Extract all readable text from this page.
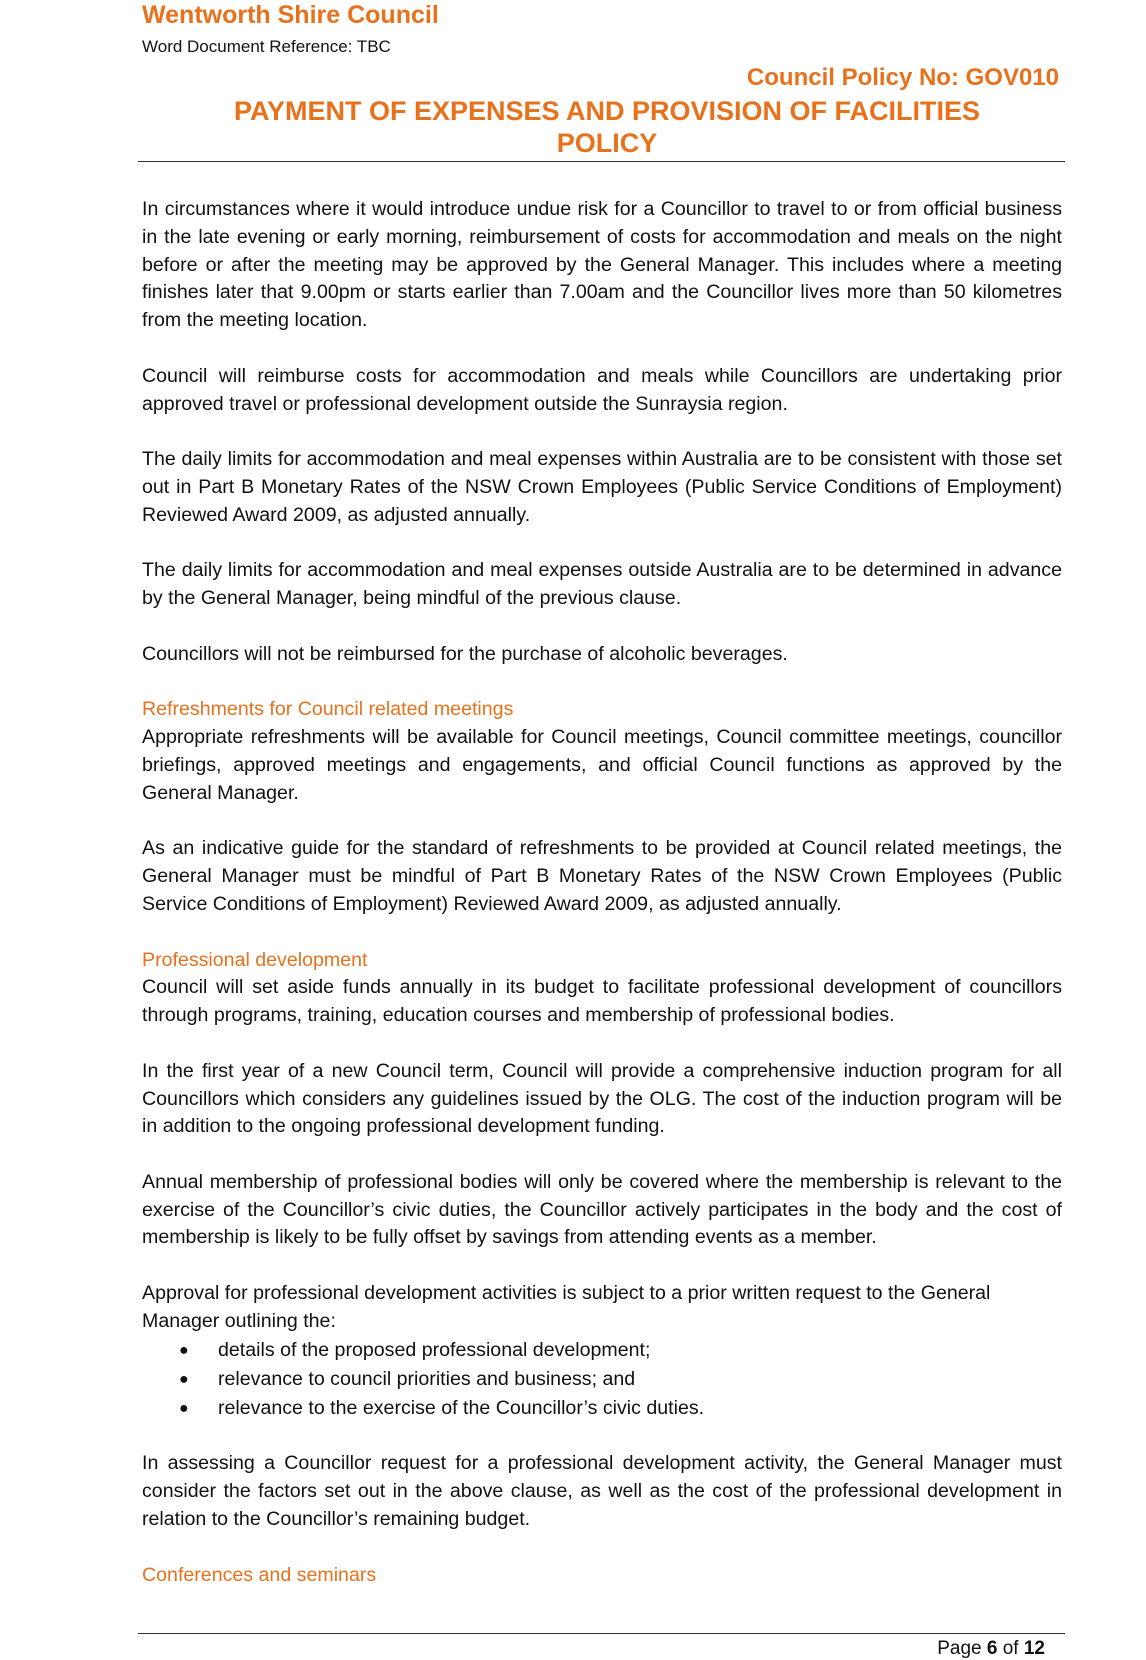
Wentworth Shire Council
Word Document Reference: TBC
Council Policy No: GOV010
PAYMENT OF EXPENSES AND PROVISION OF FACILITIES
POLICY

In circumstances where it would introduce undue risk for a Councillor to travel to or from official business in the late evening or early morning, reimbursement of costs for accommodation and meals on the night before or after the meeting may be approved by the General Manager. This includes where a meeting finishes later that 9.00pm or starts earlier than 7.00am and the Councillor lives more than 50 kilometres from the meeting location.

Council will reimburse costs for accommodation and meals while Councillors are undertaking prior approved travel or professional development outside the Sunraysia region.

The daily limits for accommodation and meal expenses within Australia are to be consistent with those set out in Part B Monetary Rates of the NSW Crown Employees (Public Service Conditions of Employment) Reviewed Award 2009, as adjusted annually.

The daily limits for accommodation and meal expenses outside Australia are to be determined in advance by the General Manager, being mindful of the previous clause.

Councillors will not be reimbursed for the purchase of alcoholic beverages.

Refreshments for Council related meetings

Appropriate refreshments will be available for Council meetings, Council committee meetings, councillor briefings, approved meetings and engagements, and official Council functions as approved by the General Manager.

As an indicative guide for the standard of refreshments to be provided at Council related meetings, the General Manager must be mindful of Part B Monetary Rates of the NSW Crown Employees (Public Service Conditions of Employment) Reviewed Award 2009, as adjusted annually.

Professional development

Council will set aside funds annually in its budget to facilitate professional development of councillors through programs, training, education courses and membership of professional bodies.

In the first year of a new Council term, Council will provide a comprehensive induction program for all Councillors which considers any guidelines issued by the OLG. The cost of the induction program will be in addition to the ongoing professional development funding.

Annual membership of professional bodies will only be covered where the membership is relevant to the exercise of the Councillor’s civic duties, the Councillor actively participates in the body and the cost of membership is likely to be fully offset by savings from attending events as a member.

Approval for professional development activities is subject to a prior written request to the General Manager outlining the:

● details of the proposed professional development;
● relevance to council priorities and business; and
● relevance to the exercise of the Councillor’s civic duties.

In assessing a Councillor request for a professional development activity, the General Manager must consider the factors set out in the above clause, as well as the cost of the professional development in relation to the Councillor’s remaining budget.

Conferences and seminars
Page 6 of 12
